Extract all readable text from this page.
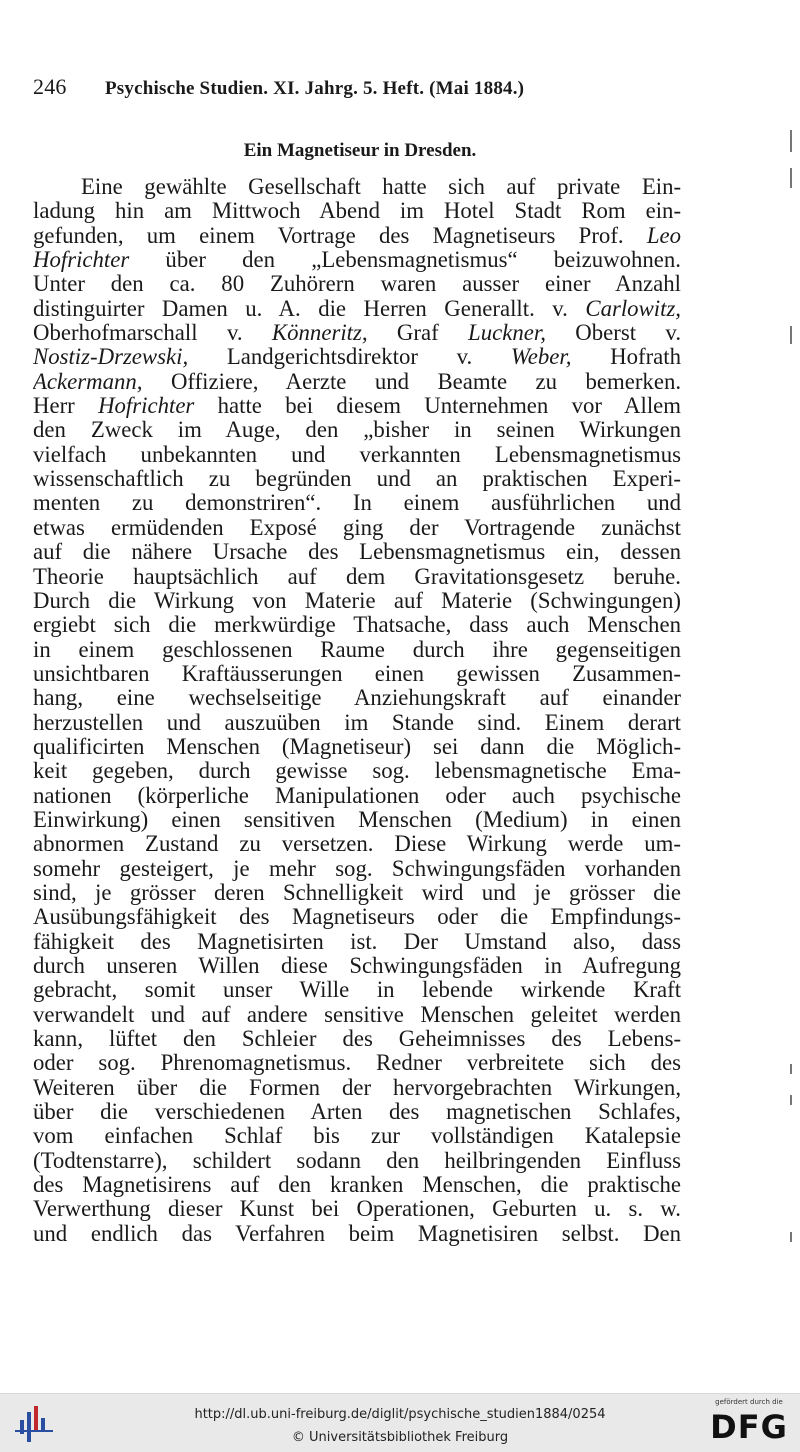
246 Psychische Studien. XI. Jahrg. 5. Heft. (Mai 1884.)
Ein Magnetiseur in Dresden.
Eine gewählte Gesellschaft hatte sich auf private Ein-
ladung hin am Mittwoch Abend im Hotel Stadt Rom ein-
gefunden, um einem Vortrage des Magnetiseurs Prof. Leo
Hofrichter über den „Lebensmagnetismus“ beizuwohnen.
Unter den ca. 80 Zuhörern waren ausser einer Anzahl
distinguirter Damen u. A. die Herren Generallt. v. Carlowitz,
Oberhofmarschall v. Könneritz, Graf Luckner, Oberst v.
Nostiz-Drzewski, Landgerichtsdirektor v. Weber, Hofrath
Ackermann, Offiziere, Aerzte und Beamte zu bemerken.
Herr Hofrichter hatte bei diesem Unternehmen vor Allem
den Zweck im Auge, den „bisher in seinen Wirkungen
vielfach unbekannten und verkannten Lebensmagnetismus
wissenschaftlich zu begründen und an praktischen Experi-
menten zu demonstriren“. In einem ausführlichen und
etwas ermüdenden Exposé ging der Vortragende zunächst
auf die nähere Ursache des Lebensmagnetismus ein, dessen
Theorie hauptsächlich auf dem Gravitationsgesetz beruhe.
Durch die Wirkung von Materie auf Materie (Schwingungen)
ergiebt sich die merkwürdige Thatsache, dass auch Menschen
in einem geschlossenen Raume durch ihre gegenseitigen
unsichtbaren Kraftäusserungen einen gewissen Zusammen-
hang, eine wechselseitige Anziehungskraft auf einander
herzustellen und auszuüben im Stande sind. Einem derart
qualificirten Menschen (Magnetiseur) sei dann die Möglich-
keit gegeben, durch gewisse sog. lebensmagnetische Ema-
nationen (körperliche Manipulationen oder auch psychische
Einwirkung) einen sensitiven Menschen (Medium) in einen
abnormen Zustand zu versetzen. Diese Wirkung werde um-
somehr gesteigert, je mehr sog. Schwingungsfäden vorhanden
sind, je grösser deren Schnelligkeit wird und je grösser die
Ausübungsfähigkeit des Magnetiseurs oder die Empfindungs-
fähigkeit des Magnetisirten ist. Der Umstand also, dass
durch unseren Willen diese Schwingungsfäden in Aufregung
gebracht, somit unser Wille in lebende wirkende Kraft
verwandelt und auf andere sensitive Menschen geleitet werden
kann, lüftet den Schleier des Geheimnisses des Lebens-
oder sog. Phrenomagnetismus. Redner verbreitete sich des
Weiteren über die Formen der hervorgebrachten Wirkungen,
über die verschiedenen Arten des magnetischen Schlafes,
vom einfachen Schlaf bis zur vollständigen Katalepsie
(Todtenstarre), schildert sodann den heilbringenden Einfluss
des Magnetisirens auf den kranken Menschen, die praktische
Verwerthung dieser Kunst bei Operationen, Geburten u. s. w.
und endlich das Verfahren beim Magnetisiren selbst. Den
http://dl.ub.uni-freiburg.de/diglit/psychische_studien1884/0254
© Universitätsbibliothek Freiburg
gefördert durch die
DFG
